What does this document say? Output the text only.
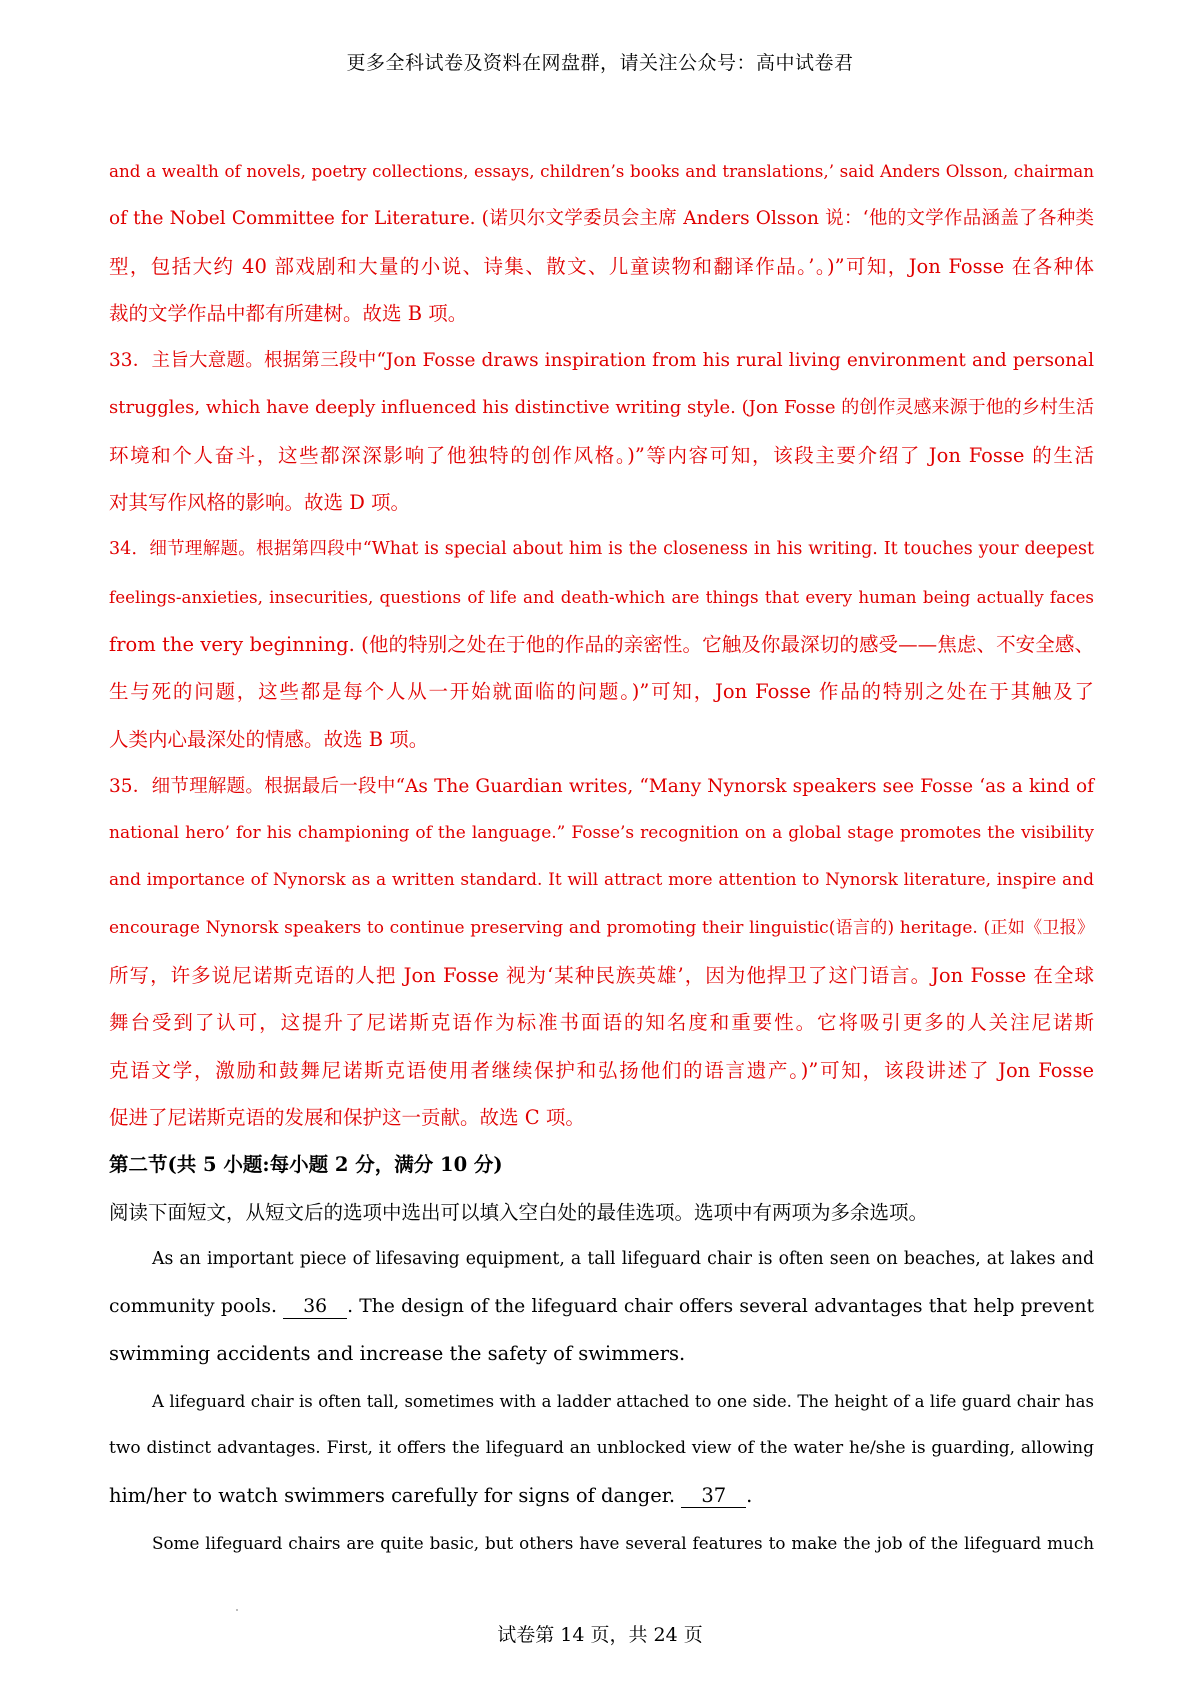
更多全科试卷及资料在网盘群，请关注公众号：高中试卷君
and a wealth of novels, poetry collections, essays, children’s books and translations,’ said Anders Olsson, chairman
of the Nobel Committee for Literature. (诺贝尔文学委员会主席 Anders Olsson 说：‘他的文学作品涵盖了各种类
型，包括大约 40 部戏剧和大量的小说、诗集、散文、儿童读物和翻译作品。’。)”可知，Jon Fosse 在各种体
裁的文学作品中都有所建树。故选 B 项。
33．主旨大意题。根据第三段中“Jon Fosse draws inspiration from his rural living environment and personal
struggles, which have deeply influenced his distinctive writing style. (Jon Fosse 的创作灵感来源于他的乡村生活
环境和个人奋斗，这些都深深影响了他独特的创作风格。)”等内容可知，该段主要介绍了 Jon Fosse 的生活
对其写作风格的影响。故选 D 项。
34．细节理解题。根据第四段中“What is special about him is the closeness in his writing. It touches your deepest
feelings-anxieties, insecurities, questions of life and death-which are things that every human being actually faces
from the very beginning. (他的特别之处在于他的作品的亲密性。它触及你最深切的感受——焦虑、不安全感、
生与死的问题，这些都是每个人从一开始就面临的问题。)”可知，Jon Fosse 作品的特别之处在于其触及了
人类内心最深处的情感。故选 B 项。
35．细节理解题。根据最后一段中“As The Guardian writes, “Many Nynorsk speakers see Fosse ‘as a kind of
national hero’ for his championing of the language.” Fosse’s recognition on a global stage promotes the visibility
and importance of Nynorsk as a written standard. It will attract more attention to Nynorsk literature, inspire and
encourage Nynorsk speakers to continue preserving and promoting their linguistic(语言的) heritage. (正如《卫报》
所写，许多说尼诺斯克语的人把 Jon Fosse 视为‘某种民族英雄’，因为他捍卫了这门语言。Jon Fosse 在全球
舞台受到了认可，这提升了尼诺斯克语作为标准书面语的知名度和重要性。它将吸引更多的人关注尼诺斯
克语文学，激励和鼓舞尼诺斯克语使用者继续保护和弘扬他们的语言遗产。)”可知，该段讲述了 Jon Fosse
促进了尼诺斯克语的发展和保护这一贡献。故选 C 项。

第二节(共 5 小题:每小题 2 分，满分 10 分)

阅读下面短文，从短文后的选项中选出可以填入空白处的最佳选项。选项中有两项为多余选项。

As an important piece of lifesaving equipment, a tall lifeguard chair is often seen on beaches, at lakes and
community pools. 36 . The design of the lifeguard chair offers several advantages that help prevent
swimming accidents and increase the safety of swimmers.
A lifeguard chair is often tall, sometimes with a ladder attached to one side. The height of a life guard chair has
two distinct advantages. First, it offers the lifeguard an unblocked view of the water he/she is guarding, allowing
him/her to watch swimmers carefully for signs of danger. 37 .
Some lifeguard chairs are quite basic, but others have several features to make the job of the lifeguard much
试卷第 14 页，共 24 页
